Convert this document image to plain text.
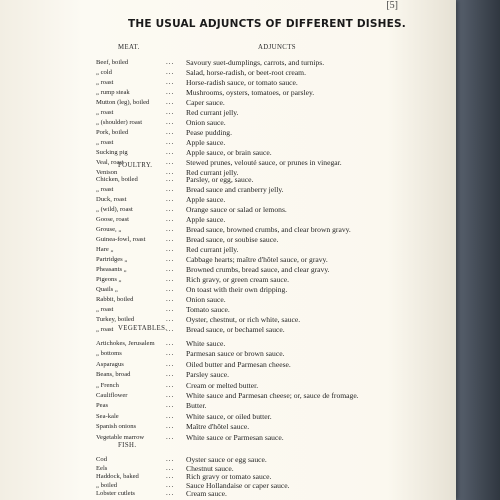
[5]
THE USUAL ADJUNCTS OF DIFFERENT DISHES.
MEAT.	ADJUNCTS
Beef, boiled	... Savoury suet-dumplings, carrots, and turnips.
„ cold	... Salad, horse-radish, or beet-root cream.
„ roast	... Horse-radish sauce, or tomato sauce.
„ rump steak	... Mushrooms, oysters, tomatoes, or parsley.
Mutton (leg), boiled ... Caper sauce.
„ roast	... Red currant jelly.
„ (shoulder) roast	... Onion sauce.
Pork, boiled	... Pease pudding.
„ roast	... Apple sauce.
Sucking pig	... Apple sauce, or brain sauce.
Veal, roast	... Stewed prunes, velouté sauce, or prunes in vinegar.
Venison	... Red currant jelly.
POULTRY.
Chicken, boiled	... Parsley, or egg, sauce.
„ roast	... Bread sauce and cranberry jelly.
Duck, roast	... Apple sauce.
„ (wild), roast	... Orange sauce or salad or lemons.
Goose, roast	... Apple sauce.
Grouse, „	... Bread sauce, browned crumbs, and clear brown gravy.
Guinea-fowl, roast	... Bread sauce, or soubise sauce.
Hare „	... Red currant jelly.
Partridges „	... Cabbage hearts; maître d'hôtel sauce, or gravy.
Pheasants „	... Browned crumbs, bread sauce, and clear gravy.
Pigeons „	... Rich gravy, or green cream sauce.
Quails „	... On toast with their own dripping.
Rabbit, boiled	... Onion sauce.
„ roast	... Tomato sauce.
Turkey, boiled	... Oyster, chestnut, or rich white, sauce.
„ roast	... Bread sauce, or bechamel sauce.
VEGETABLES.
Artichokes, Jerusalem ... White sauce.
„ bottoms	... Parmesan sauce or brown sauce.
Asparagus	... Oiled butter and Parmesan cheese.
Beans, broad	... Parsley sauce.
„ French	... Cream or melted butter.
Cauliflower	... White sauce and Parmesan cheese; or, sauce de fromage.
Peas	... Butter.
Sea-kale	... White sauce, or oiled butter.
Spanish onions	... Maître d'hôtel sauce.
Vegetable marrow	... White sauce or Parmesan sauce.
FISH.
Cod	... Oyster sauce or egg sauce.
Eels	... Chestnut sauce.
Haddock, baked	... Rich gravy or tomato sauce.
„ boiled	... Sauce Hollandaise or caper sauce.
Lobster cutlets	... Cream sauce.
